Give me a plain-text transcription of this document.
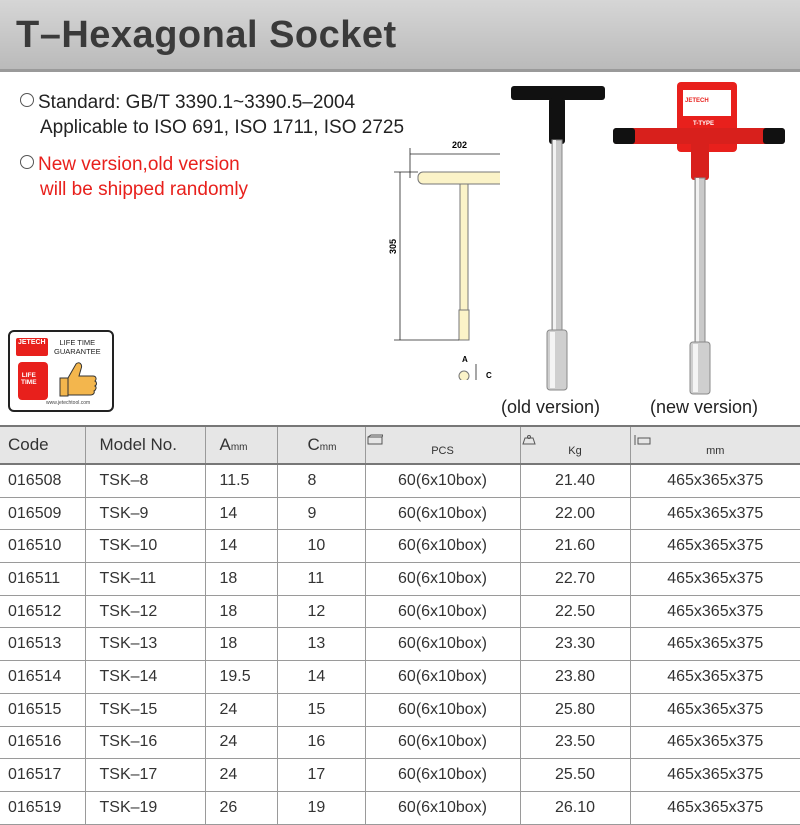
T–Hexagonal Socket
Standard: GB/T 3390.1~3390.5–2004
Applicable to ISO 691, ISO 1711, ISO 2725
New version,old version
will be shipped randomly
202
305
A
C
JETECH
T-TYPE
(old version)	(new version)
JETECH	LIFE TIME
GUARANTEE
LIFE
TIME
www.jetechtool.com
Code	Model No.	Amm	Cmm	PCS	Kg	mm

016508	TSK–8	11.5	8	60(6x10box)	21.40	465x365x375
016509	TSK–9	14	9	60(6x10box)	22.00	465x365x375
016510	TSK–10	14	10	60(6x10box)	21.60	465x365x375
016511	TSK–11	18	11	60(6x10box)	22.70	465x365x375
016512	TSK–12	18	12	60(6x10box)	22.50	465x365x375
016513	TSK–13	18	13	60(6x10box)	23.30	465x365x375
016514	TSK–14	19.5	14	60(6x10box)	23.80	465x365x375
016515	TSK–15	24	15	60(6x10box)	25.80	465x365x375
016516	TSK–16	24	16	60(6x10box)	23.50	465x365x375
016517	TSK–17	24	17	60(6x10box)	25.50	465x365x375
016519	TSK–19	26	19	60(6x10box)	26.10	465x365x375
